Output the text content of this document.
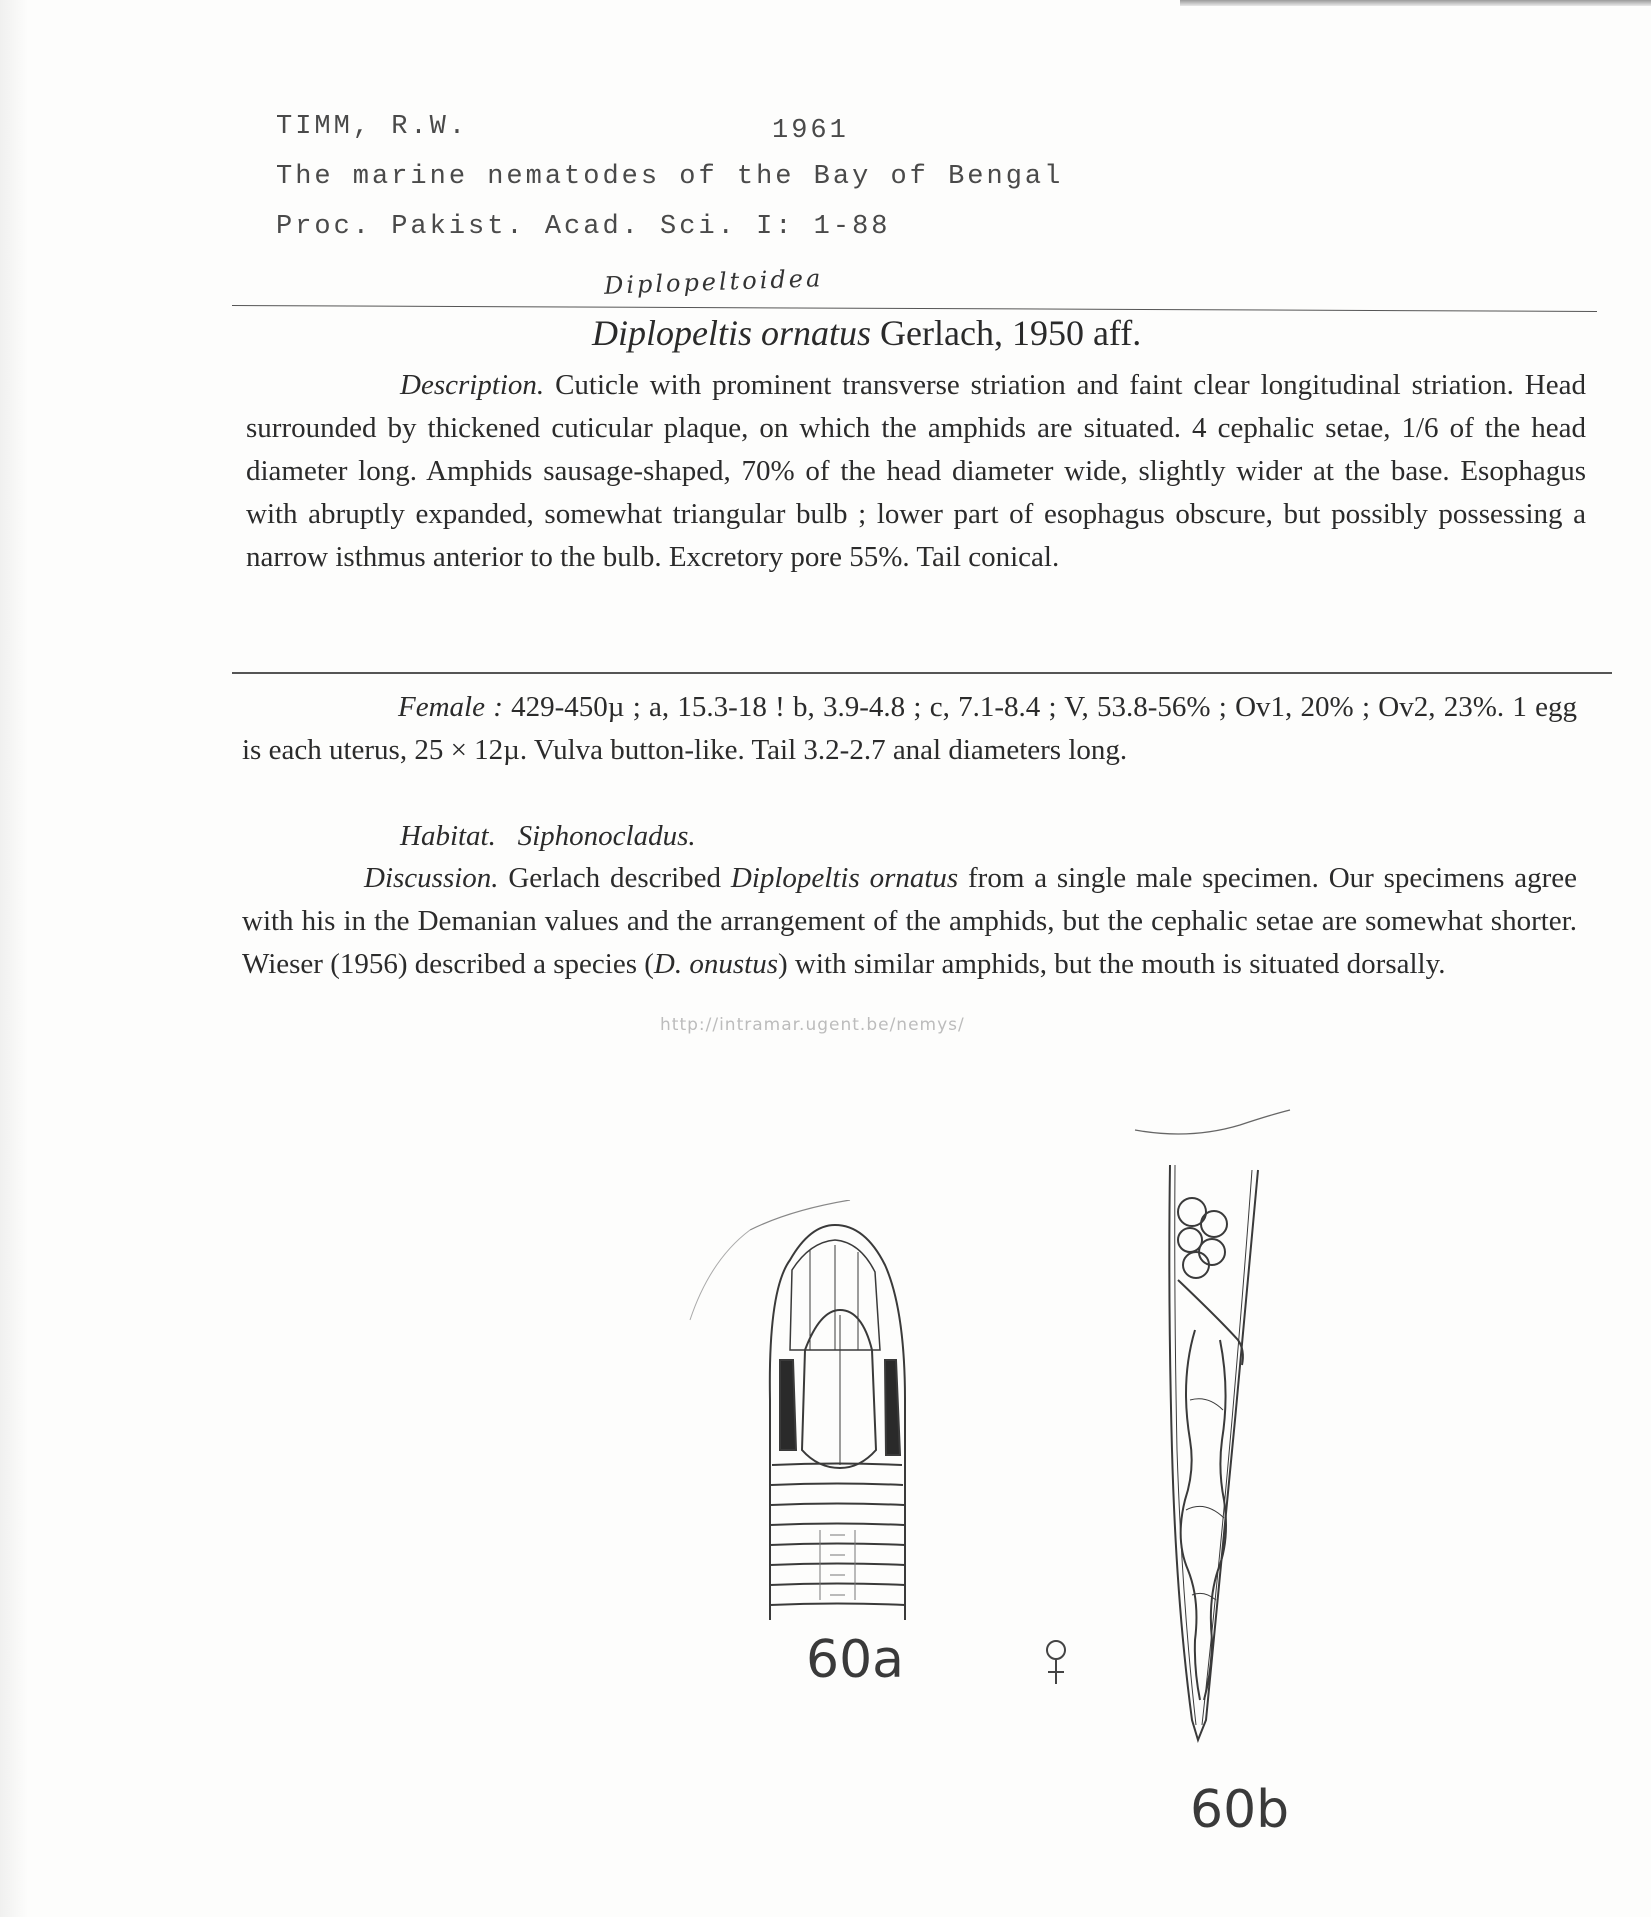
TIMM, R.W.	1961
The marine nematodes of the Bay of Bengal
Proc. Pakist. Acad. Sci. I: 1-88
Diplopeltoidea
Diplopeltis ornatus Gerlach, 1950 aff.
Description. Cuticle with prominent transverse striation and faint clear longitudinal striation. Head surrounded by thickened cuticular plaque, on which the amphids are situated. 4 cephalic setae, 1/6 of the head diameter long. Amphids sausage-shaped, 70% of the head diameter wide, slightly wider at the base. Esophagus with abruptly expanded, somewhat triangular bulb ; lower part of esophagus obscure, but possibly possessing a narrow isthmus anterior to the bulb. Excretory pore 55%. Tail conical.
Female : 429-450µ ; a, 15.3-18 ! b, 3.9-4.8 ; c, 7.1-8.4 ; V, 53.8-56% ; Ov1, 20% ; Ov2, 23%. 1 egg is each uterus, 25 × 12µ. Vulva button-like. Tail 3.2-2.7 anal diameters long.
Habitat. Siphonocladus.
Discussion. Gerlach described Diplopeltis ornatus from a single male specimen. Our specimens agree with his in the Demanian values and the arrangement of the amphids, but the cephalic setae are somewhat shorter. Wieser (1956) described a species (D. onustus) with similar amphids, but the mouth is situated dorsally.
http://intramar.ugent.be/nemys/
60a
60b
